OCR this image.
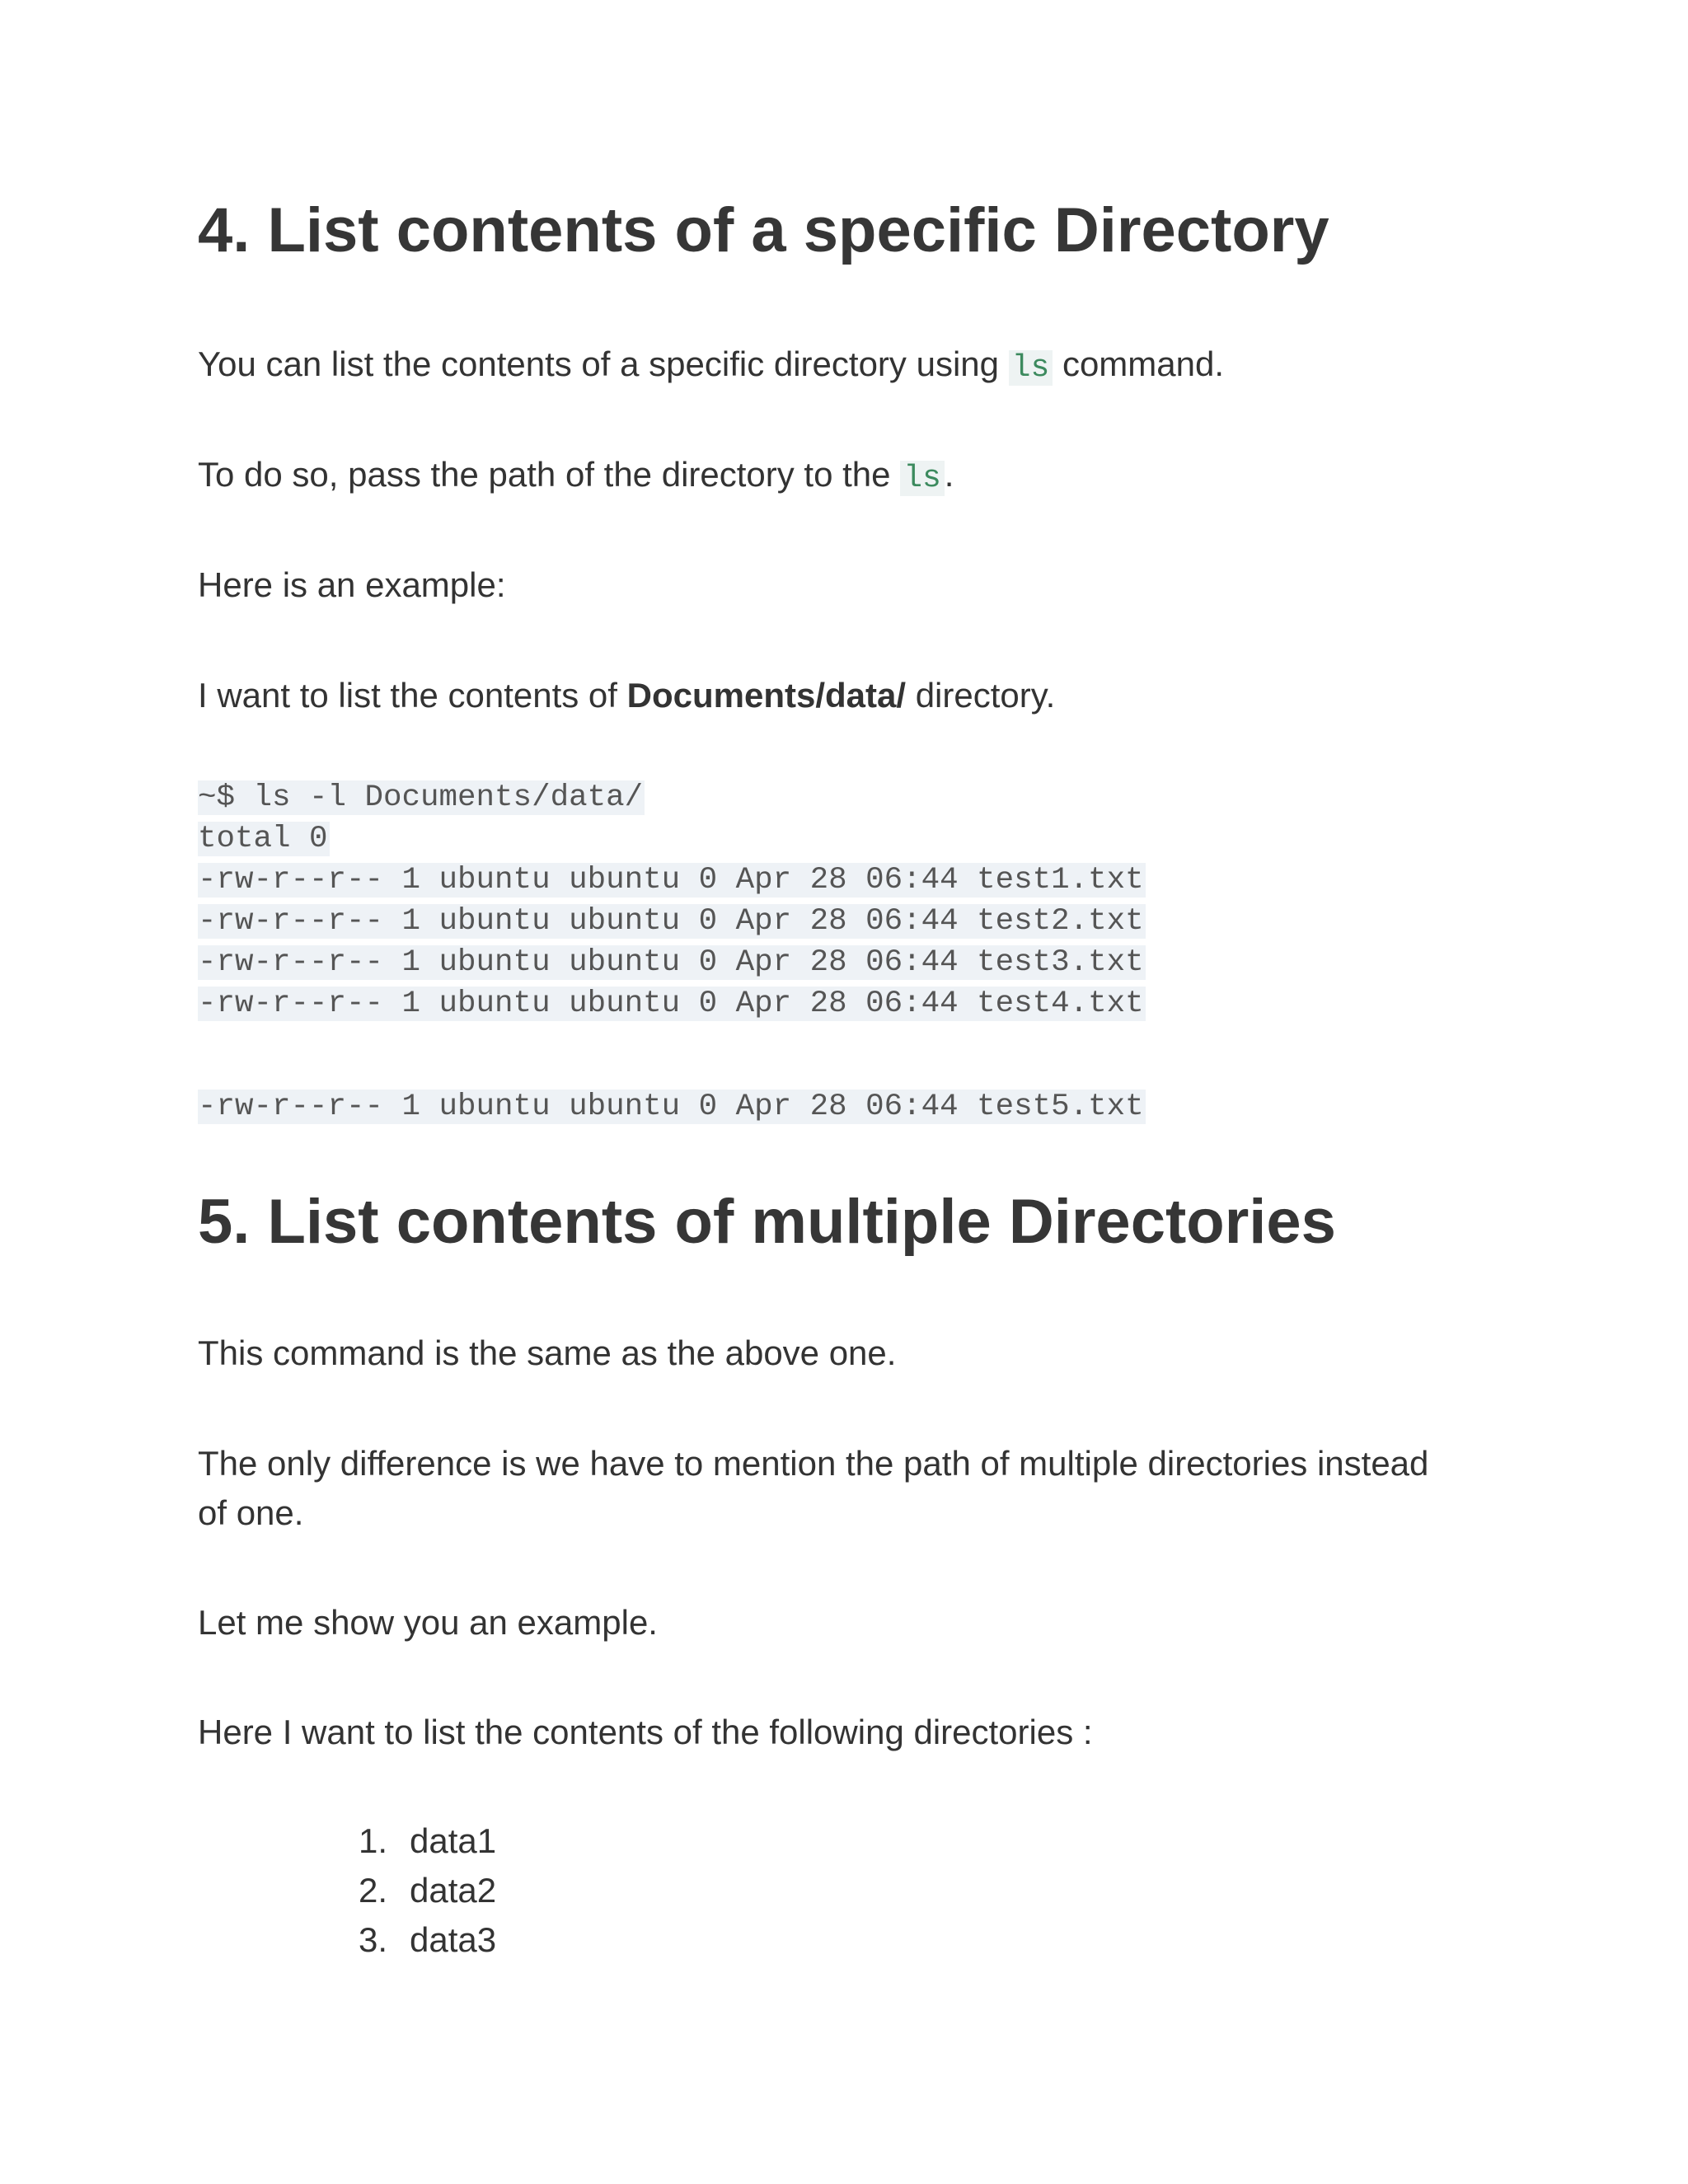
4. List contents of a specific Directory

You can list the contents of a specific directory using ls command.

To do so, pass the path of the directory to the ls.

Here is an example:

I want to list the contents of Documents/data/ directory.

~$ ls -l Documents/data/
total 0
-rw-r--r-- 1 ubuntu ubuntu 0 Apr 28 06:44 test1.txt
-rw-r--r-- 1 ubuntu ubuntu 0 Apr 28 06:44 test2.txt
-rw-r--r-- 1 ubuntu ubuntu 0 Apr 28 06:44 test3.txt
-rw-r--r-- 1 ubuntu ubuntu 0 Apr 28 06:44 test4.txt
-rw-r--r-- 1 ubuntu ubuntu 0 Apr 28 06:44 test5.txt
5. List contents of multiple Directories

This command is the same as the above one.

The only difference is we have to mention the path of multiple directories instead of one.

Let me show you an example.

Here I want to list the contents of the following directories :

1. data1
2. data2
3. data3
